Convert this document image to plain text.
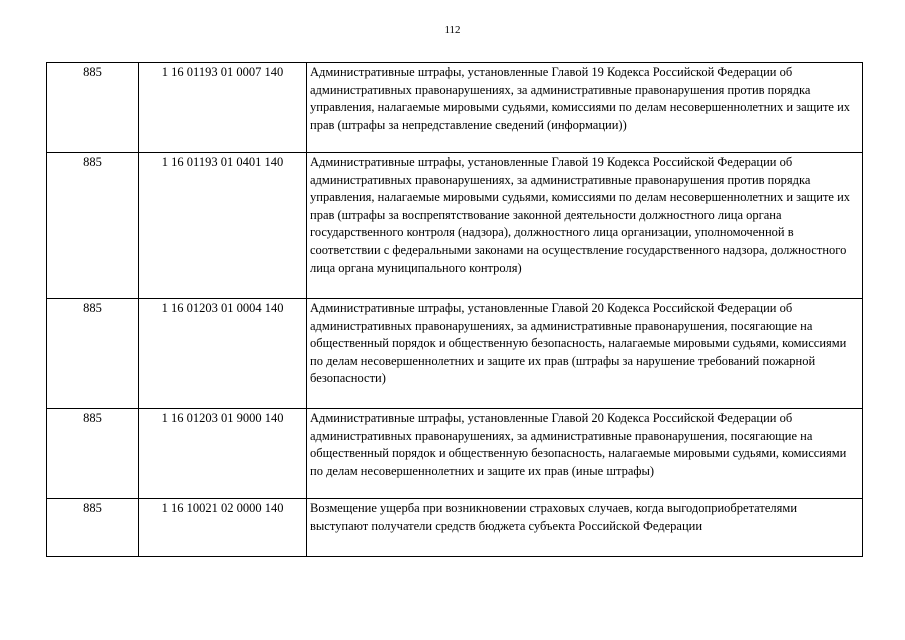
112
885	1 16 01193 01 0007 140	Административные штрафы, установленные Главой 19 Кодекса Российской Федерации об административных правонарушениях, за административные правонарушения против порядка управления, налагаемые мировыми судьями, комиссиями по делам несовершеннолетних и защите их прав (штрафы за непредставление сведений (информации))
885	1 16 01193 01 0401 140	Административные штрафы, установленные Главой 19 Кодекса Российской Федерации об административных правонарушениях, за административные правонарушения против порядка управления, налагаемые мировыми судьями, комиссиями по делам несовершеннолетних и защите их прав (штрафы за воспрепятствование законной деятельности должностного лица органа государственного контроля (надзора), должностного лица организации, уполномоченной в соответствии с федеральными законами на осуществление государственного надзора, должностного лица органа муниципального контроля)
885	1 16 01203 01 0004 140	Административные штрафы, установленные Главой 20 Кодекса Российской Федерации об административных правонарушениях, за административные правонарушения, посягающие на общественный порядок и общественную безопасность, налагаемые мировыми судьями, комиссиями по делам несовершеннолетних и защите их прав (штрафы за нарушение требований пожарной безопасности)
885	1 16 01203 01 9000 140	Административные штрафы, установленные Главой 20 Кодекса Российской Федерации об административных правонарушениях, за административные правонарушения, посягающие на общественный порядок и общественную безопасность, налагаемые мировыми судьями, комиссиями по делам несовершеннолетних и защите их прав (иные штрафы)
885	1 16 10021 02 0000 140	Возмещение ущерба при возникновении страховых случаев, когда выгодоприобретателями выступают получатели средств бюджета субъекта Российской Федерации
